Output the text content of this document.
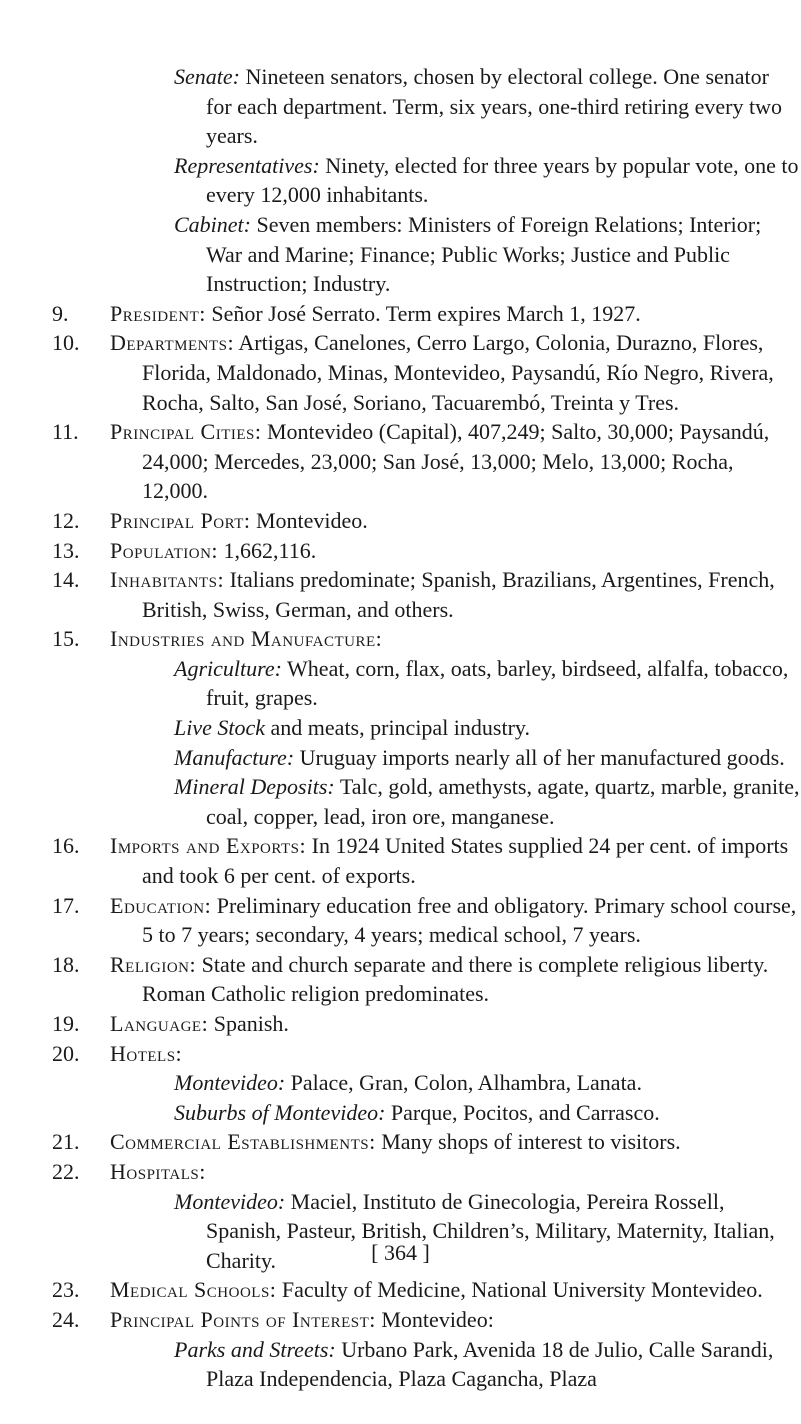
Senate: Nineteen senators, chosen by electoral college. One senator for each department. Term, six years, one-third retiring every two years.
Representatives: Ninety, elected for three years by popular vote, one to every 12,000 inhabitants.
Cabinet: Seven members: Ministers of Foreign Relations; Interior; War and Marine; Finance; Public Works; Justice and Public Instruction; Industry.
9.	President: Señor José Serrato. Term expires March 1, 1927.
10.	Departments: Artigas, Canelones, Cerro Largo, Colonia, Durazno, Flores, Florida, Maldonado, Minas, Montevideo, Paysandú, Río Negro, Rivera, Rocha, Salto, San José, Soriano, Tacuarembó, Treinta y Tres.
11.	Principal Cities: Montevideo (Capital), 407,249; Salto, 30,000; Paysandú, 24,000; Mercedes, 23,000; San José, 13,000; Melo, 13,000; Rocha, 12,000.
12.	Principal Port: Montevideo.
13.	Population: 1,662,116.
14.	Inhabitants: Italians predominate; Spanish, Brazilians, Argentines, French, British, Swiss, German, and others.
15.	Industries and Manufacture:
Agriculture: Wheat, corn, flax, oats, barley, birdseed, alfalfa, tobacco, fruit, grapes.
Live Stock and meats, principal industry.
Manufacture: Uruguay imports nearly all of her manufactured goods.
Mineral Deposits: Talc, gold, amethysts, agate, quartz, marble, granite, coal, copper, lead, iron ore, manganese.
16.	Imports and Exports: In 1924 United States supplied 24 per cent. of imports and took 6 per cent. of exports.
17.	Education: Preliminary education free and obligatory. Primary school course, 5 to 7 years; secondary, 4 years; medical school, 7 years.
18.	Religion: State and church separate and there is complete religious liberty. Roman Catholic religion predominates.
19.	Language: Spanish.
20.	Hotels:
Montevideo: Palace, Gran, Colon, Alhambra, Lanata.
Suburbs of Montevideo: Parque, Pocitos, and Carrasco.
21.	Commercial Establishments: Many shops of interest to visitors.
22.	Hospitals:
Montevideo: Maciel, Instituto de Ginecologia, Pereira Rossell, Spanish, Pasteur, British, Children’s, Military, Maternity, Italian, Charity.
23.	Medical Schools: Faculty of Medicine, National University Montevideo.
24.	Principal Points of Interest: Montevideo:
Parks and Streets: Urbano Park, Avenida 18 de Julio, Calle Sarandi, Plaza Independencia, Plaza Cagancha, Plaza
[ 364 ]
